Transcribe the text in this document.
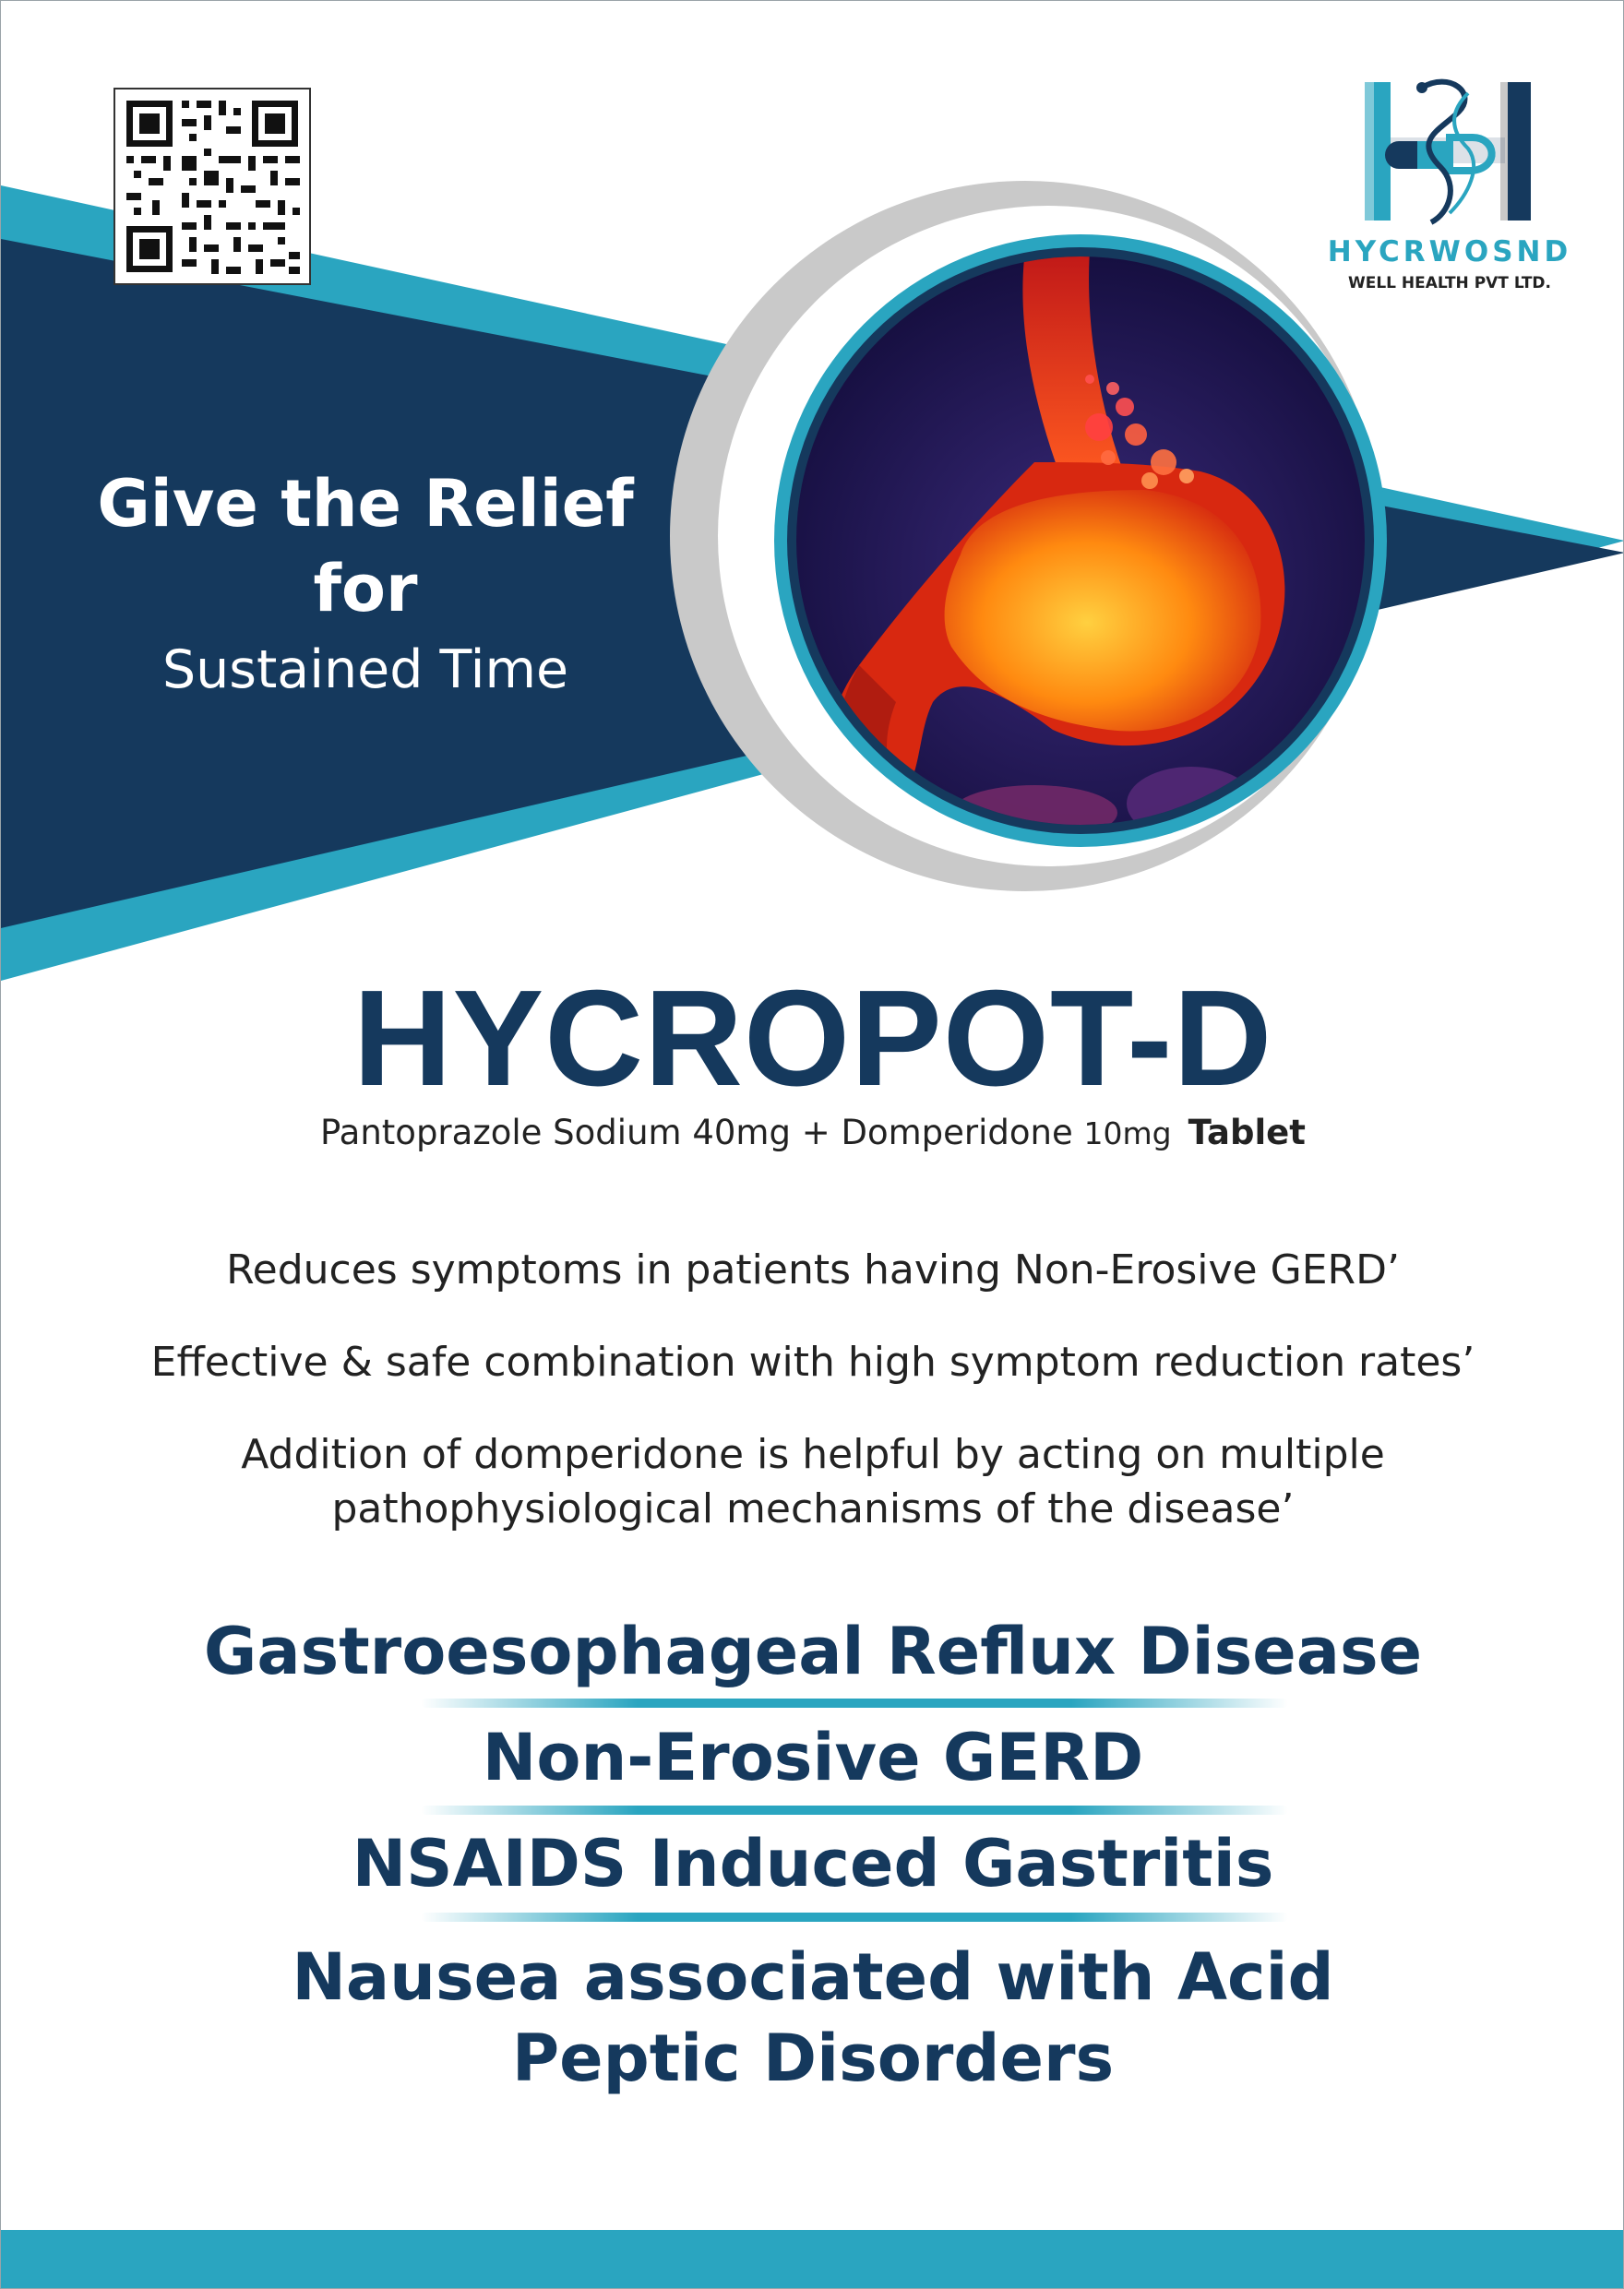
HYCRWOSND
WELL HEALTH PVT LTD.
Give the Relief
for
Sustained Time
HYCROPOT-D
Pantoprazole Sodium 40mg + Domperidone 10mg Tablet
Reduces symptoms in patients having Non-Erosive GERD’
Effective & safe combination with high symptom reduction rates’
Addition of domperidone is helpful by acting on multiple
pathophysiological mechanisms of the disease’
Gastroesophageal Reflux Disease
Non-Erosive GERD
NSAIDS Induced Gastritis
Nausea associated with Acid
Peptic Disorders
